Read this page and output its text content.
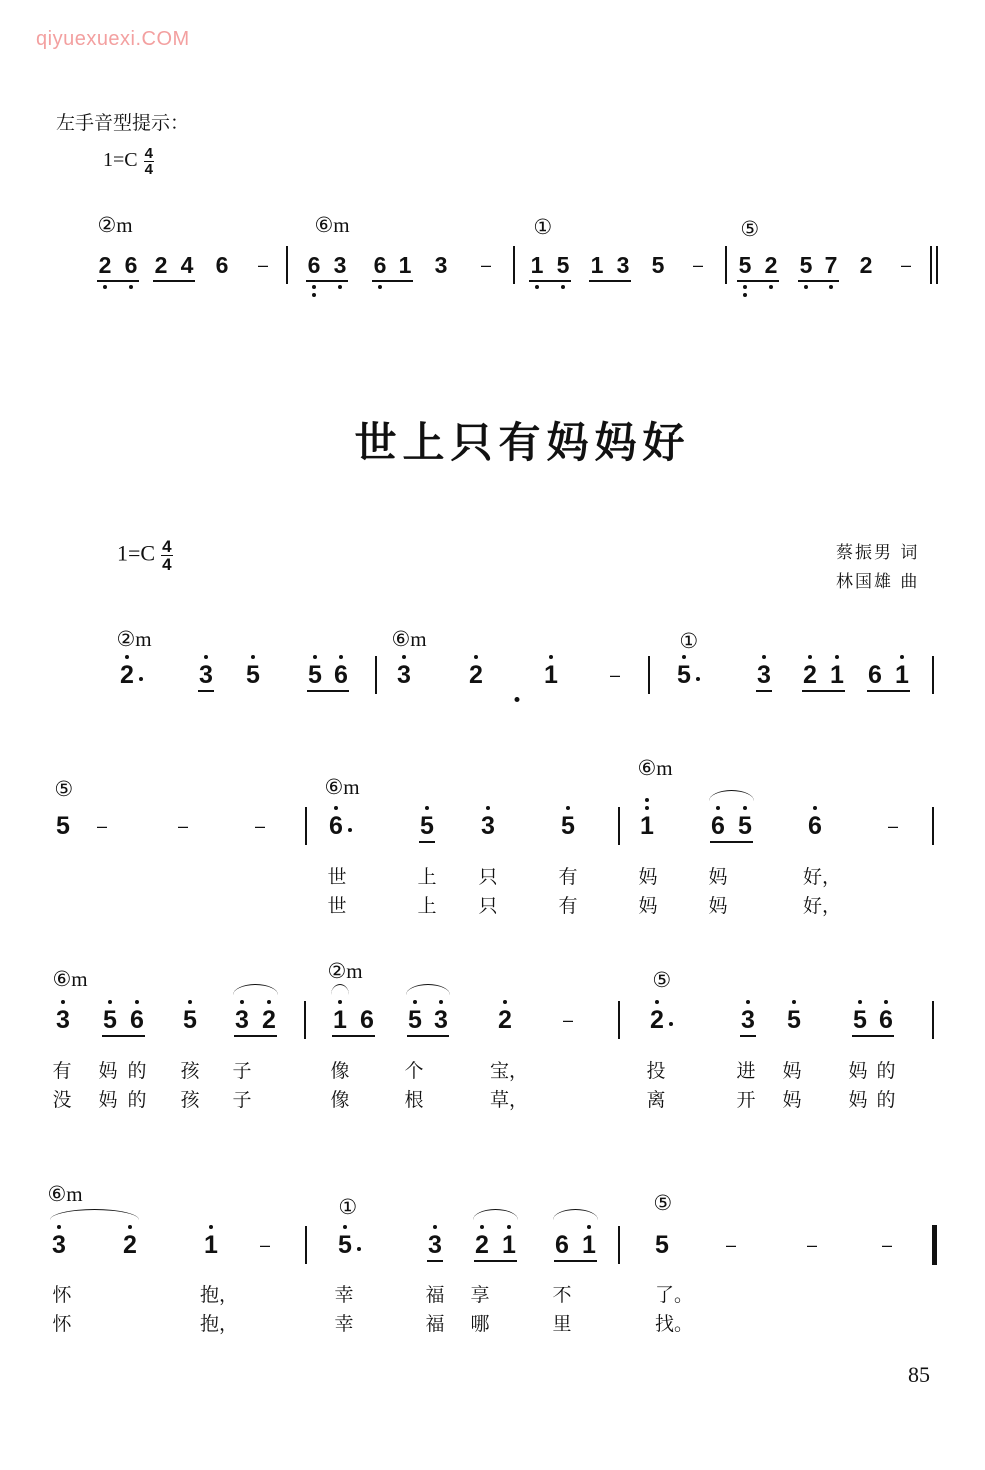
qiyuexuexi.COM
左手音型提示：
$1=C \frac{4}{4}$
2 6 2 4 6 – 6 3 6 1 3 – 1 5 1 3 5 – 5 2 5 7 2 –
②m	⑥m	①	⑤
世上只有妈妈好
$1=C \frac{4}{4}$	蔡振男 词
林国雄 曲
2	3 5 5 6 3 2 1	– 5	3 2 1 6 1
②m	⑥m	①
5 –	–	–	6	5 3	5	1 6 5 6	–
⑤	⑥m
⑥m
世	上 只	有	妈	妈	好，
世	上 只	有	妈	妈	好，
3 5 6 5 3 2 1 6 5 3 2	–	2	3 5 5 6
⑥m	②m	⑤
有 妈 的 孩 子	像	个	宝，	投	进 妈 妈 的
没 妈 的 孩 子	像	根	草，	离	开 妈 妈 的
3 2	1 –	5	3 2 1 6 1 5	–	–	–
⑥m
①	⑤
怀	抱，	幸	福 享	不	了。
怀	抱，	幸	福 哪	里	找。
85
